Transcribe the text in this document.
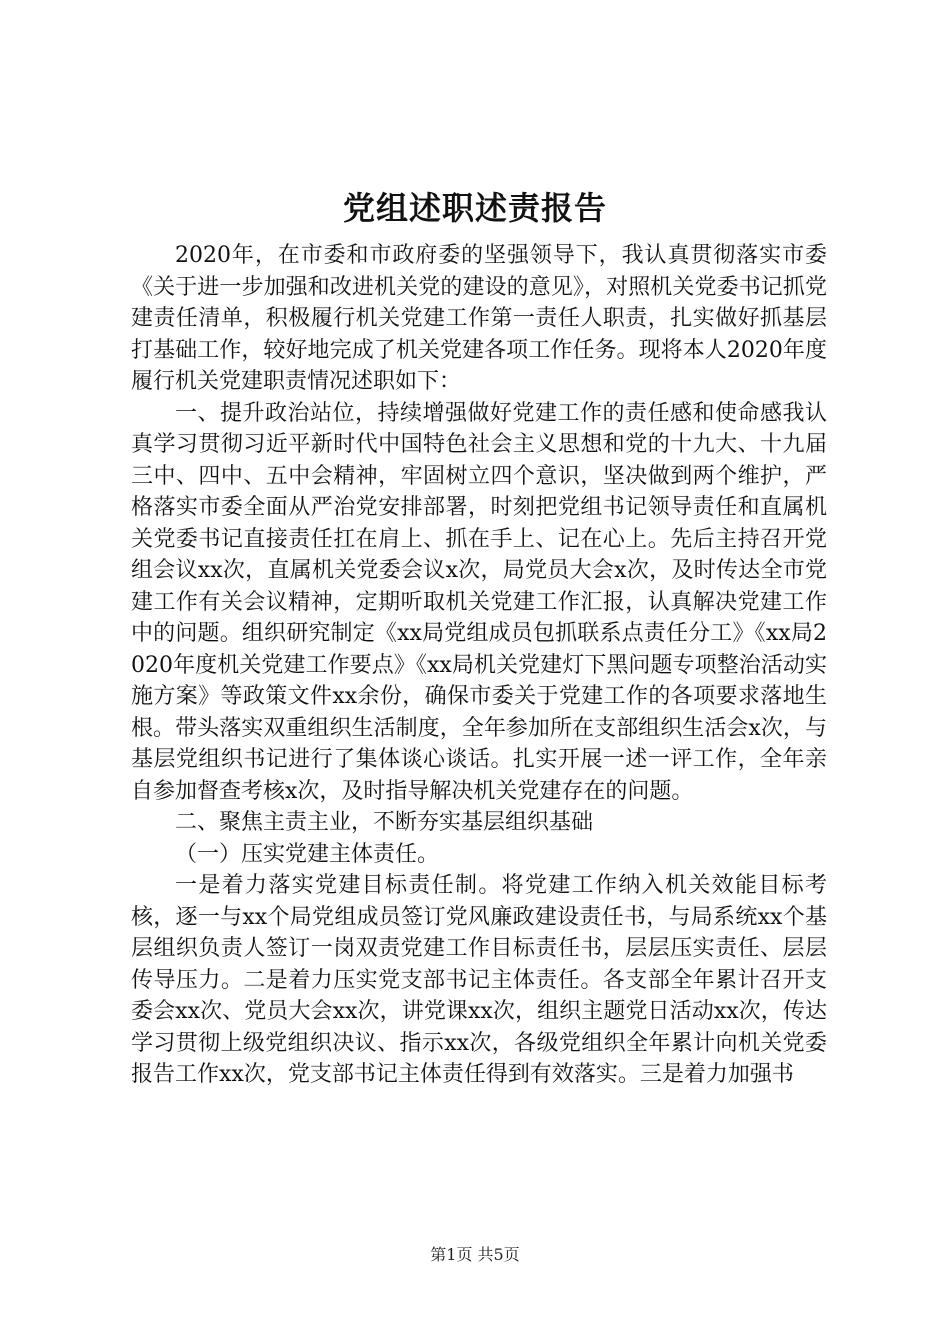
党组述职述责报告

2020年，在市委和市政府委的坚强领导下，我认真贯彻落实市委《关于进一步加强和改进机关党的建设的意见》，对照机关党委书记抓党建责任清单，积极履行机关党建工作第一责任人职责，扎实做好抓基层打基础工作，较好地完成了机关党建各项工作任务。现将本人2020年度履行机关党建职责情况述职如下：

一、提升政治站位，持续增强做好党建工作的责任感和使命感我认真学习贯彻习近平新时代中国特色社会主义思想和党的十九大、十九届三中、四中、五中会精神，牢固树立四个意识，坚决做到两个维护，严格落实市委全面从严治党安排部署，时刻把党组书记领导责任和直属机关党委书记直接责任扛在肩上、抓在手上、记在心上。先后主持召开党组会议xx次，直属机关党委会议x次，局党员大会x次，及时传达全市党建工作有关会议精神，定期听取机关党建工作汇报，认真解决党建工作中的问题。组织研究制定《xx局党组成员包抓联系点责任分工》《xx局2020年度机关党建工作要点》《xx局机关党建灯下黑问题专项整治活动实施方案》等政策文件xx余份，确保市委关于党建工作的各项要求落地生根。带头落实双重组织生活制度，全年参加所在支部组织生活会x次，与基层党组织书记进行了集体谈心谈话。扎实开展一述一评工作，全年亲自参加督查考核x次，及时指导解决机关党建存在的问题。

二、聚焦主责主业，不断夯实基层组织基础

（一）压实党建主体责任。

一是着力落实党建目标责任制。将党建工作纳入机关效能目标考核，逐一与xx个局党组成员签订党风廉政建设责任书，与局系统xx个基层组织负责人签订一岗双责党建工作目标责任书，层层压实责任、层层传导压力。二是着力压实党支部书记主体责任。各支部全年累计召开支委会xx次、党员大会xx次，讲党课xx次，组织主题党日活动xx次，传达学习贯彻上级党组织决议、指示xx次，各级党组织全年累计向机关党委报告工作xx次，党支部书记主体责任得到有效落实。三是着力加强书

第1页 共5页
